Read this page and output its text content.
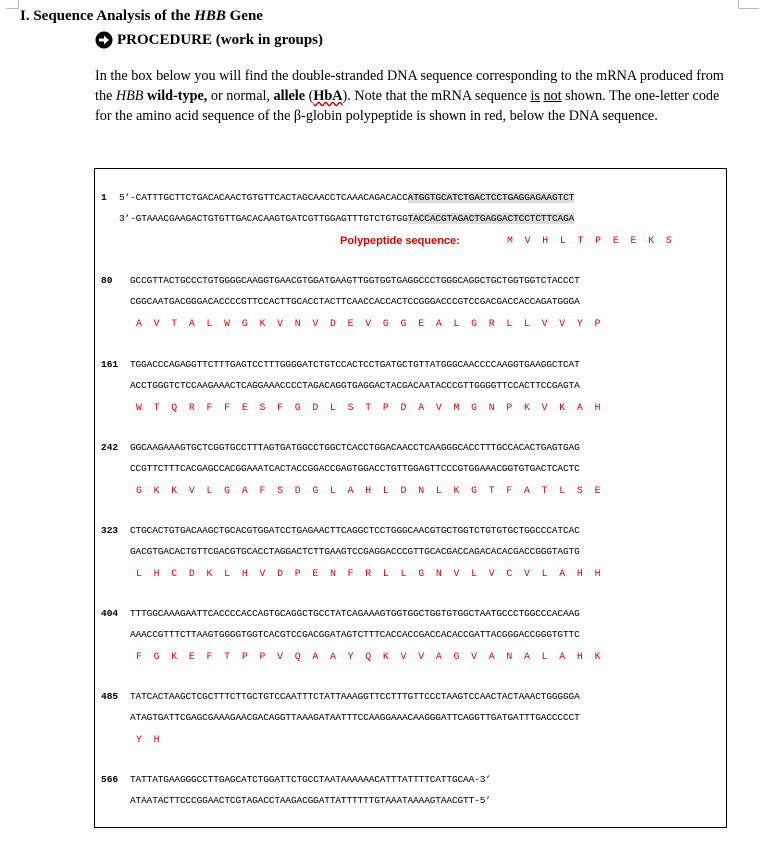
I. Sequence Analysis of the HBB Gene
PROCEDURE (work in groups)
In the box below you will find the double-stranded DNA sequence corresponding to the mRNA produced from the HBB wild-type, or normal, allele (HbA). Note that the mRNA sequence is not shown. The one-letter code for the amino acid sequence of the β-globin polypeptide is shown in red, below the DNA sequence.
1 5’-CATTTGCTTCTGACACAACTGTGTTCACTAGCAACCTCAAACAGACACCATGGTGCATCTGACTCCTGAGGAGAAGTCT
3’-GTAAACGAAGACTGTGTTGACACAAGTGATCGTTGGAGTTTGTCTGTGGTACCACGTAGACTGAGGACTCCTCTTCAGA
Polypeptide sequence:	M  V  H  L  T  P  E  E  K  S
80 GCCGTTACTGCCCTGTGGGGCAAGGTGAACGTGGATGAAGTTGGTGGTGAGGCCCTGGGCAGGCTGCTGGTGGTCTACCCT
CGGCAATGACGGGACACCCCGTTCCACTTGCACCTACTTCAACCACCACTCCGGGACCCGTCCGACGACCACCAGATGGGA
A  V  T  A  L  W  G  K  V  N  V  D  E  V  G  G  E  A  L  G  R  L  L  V  V  Y  P
161 TGGACCCAGAGGTTCTTTGAGTCCTTTGGGGATCTGTCCACTCCTGATGCTGTTATGGGCAACCCCAAGGTGAAGGCTCAT
ACCTGGGTCTCCAAGAAACTCAGGAAACCCCTAGACAGGTGAGGACTACGACAATACCCGTTGGGGTTCCACTTCCGAGTA
W  T  Q  R  F  F  E  S  F  G  D  L  S  T  P  D  A  V  M  G  N  P  K  V  K  A  H
242 GGCAAGAAAGTGCTCGGTGCCTTTAGTGATGGCCTGGCTCACCTGGACAACCTCAAGGGCACCTTTGCCACACTGAGTGAG
CCGTTCTTTCACGAGCCACGGAAATCACTACCGGACCGAGTGGACCTGTTGGAGTTCCCGTGGAAACGGTGTGACTCACTC
G  K  K  V  L  G  A  F  S  D  G  L  A  H  L  D  N  L  K  G  T  F  A  T  L  S  E
323 CTGCACTGTGACAAGCTGCACGTGGATCCTGAGAACTTCAGGCTCCTGGGCAACGTGCTGGTCTGTGTGCTGGCCCATCAC
GACGTGACACTGTTCGACGTGCACCTAGGACTCTTGAAGTCCGAGGACCCGTTGCACGACCAGACACACGACCGGGTAGTG
L  H  C  D  K  L  H  V  D  P  E  N  F  R  L  L  G  N  V  L  V  C  V  L  A  H  H
404 TTTGGCAAAGAATTCACCCCACCAGTGCAGGCTGCCTATCAGAAAGTGGTGGCTGGTGTGGCTAATGCCCTGGCCCACAAG
AAACCGTTTCTTAAGTGGGGTGGTCACGTCCGACGGATAGTCTTTCACCACCGACCACACCGATTACGGGACCGGGTGTTC
F  G  K  E  F  T  P  P  V  Q  A  A  Y  Q  K  V  V  A  G  V  A  N  A  L  A  H  K
485 TATCACTAAGCTCGCTTTCTTGCTGTCCAATTTCTATTAAAGGTTCCTTTGTTCCCTAAGTCCAACTACTAAACTGGGGGA
ATAGTGATTCGAGCGAAAGAACGACAGGTTAAAGATAATTTCCAAGGAAACAAGGGATTCAGGTTGATGATTTGACCCCCT
Y  H
566 TATTATGAAGGGCCTTGAGCATCTGGATTCTGCCTAATAAAAAACATTTATTTTCATTGCAA-3’
ATAATACTTCCCGGAACTCGTAGACCTAAGACGGATTATTTTTTGTAAATAAAAGTAACGTT-5’
